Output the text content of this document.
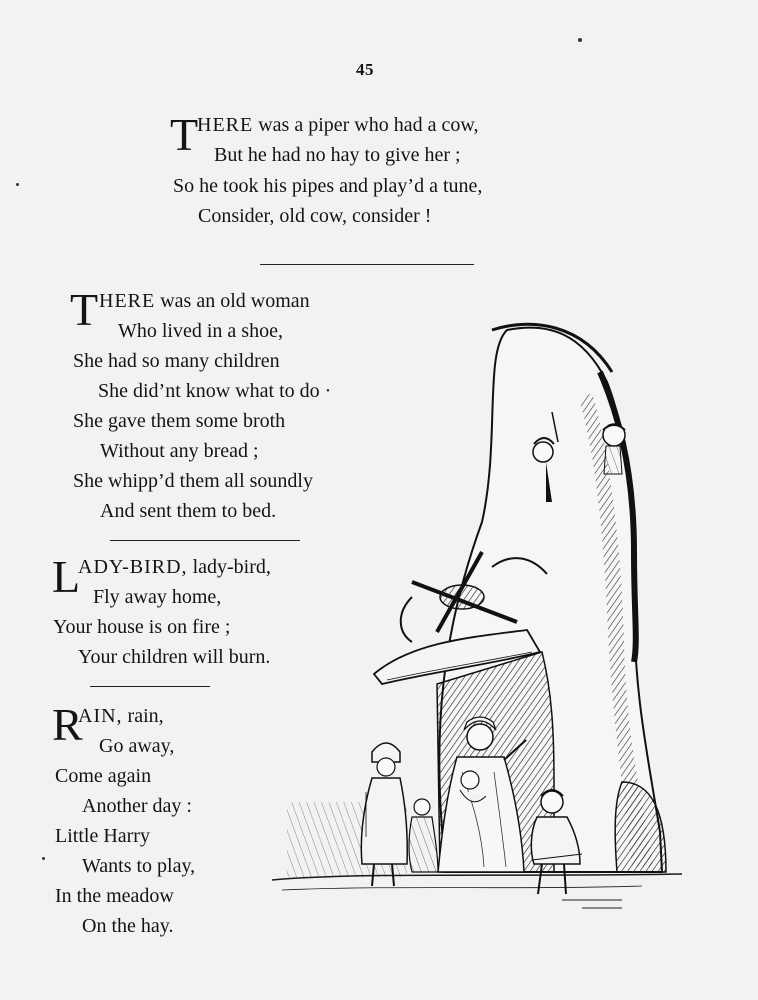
45
T
HERE was a piper who had a cow,
But he had no hay to give her ;
So he took his pipes and play’d a tune,
Consider, old cow, consider !
T HERE was an old woman
Who lived in a shoe,
She had so many children
She did’nt know what to do ·
She gave them some broth
Without any bread ;
She whipp’d them all soundly
And sent them to bed.
L
ADY-BIRD, lady-bird,
Fly away home,
Your house is on fire ;
Your children will burn.
R
AIN, rain,
Go away,
Come again
Another day :
Little Harry
Wants to play,
In the meadow
On the hay.
